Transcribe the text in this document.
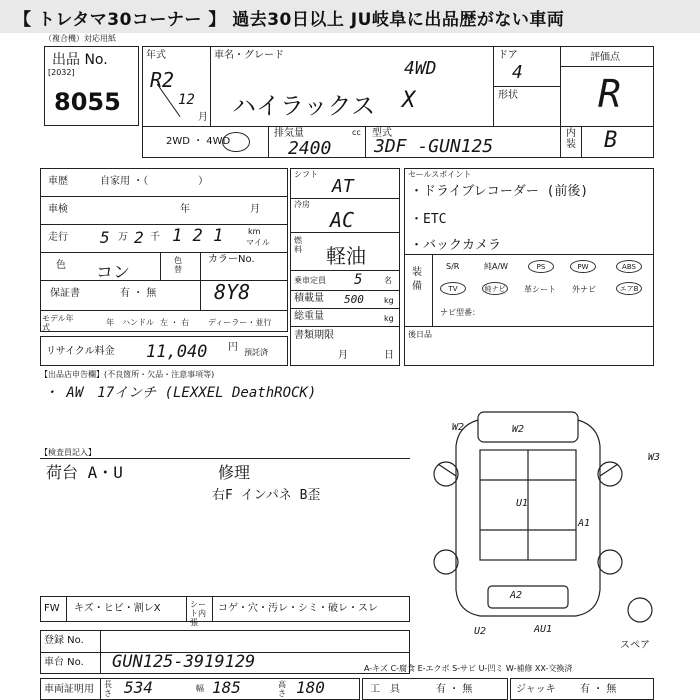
【 トレタマ30コーナー 】 過去30日以上 JU岐阜に出品歴がない車両
（複合機）対応用紙
出品 No.
[2032]
8055
年式
R2
12
月
車名・グレード
4WD
ハイラックス X
ドア
4
形状
評価点
R
内装 B
2WD ・ 4WD
排気量	cc
2400
型式
3DF -GUN125
車歴	自家用 ・（　　　　　）
車検	年	月
走行 5 万 2 千 1 2 1	km
マイル
色 コン
色替
カラーNo.
8Y8
保証書	有 ・ 無
モデル年式
年 ハンドル 左 ・ 右 ディーラー・並行
リサイクル料金 11,040 円 預託済
シフト
AT
冷房
AC
燃料 軽油
乗車定員 5	名
積載量 500	kg
総重量	kg
書類期限
月	日
セールスポイント
・ドライブレコーダー (前後)
・ETC
・バックカメラ
装備
S/R	純A/W	PS	PW	ABS
TV	純ナビ	革シート 外ナビ	エアB
ナビ型番：
後日品
【出品店申告欄】(不良箇所・欠品・注意事項等)
・ AW　17インチ (LEXXEL DeathROCK)
【検査員記入】
荷台 A・U	修理
右F インパネ B歪
W2	W2
W3
U1
A1
A2
U2	AU1
スペア
FW キズ・ヒビ・割レX	シート内張
コゲ・穴・汚レ・シミ・破レ・スレ
登録 No.
車台 No. GUN125-3919129
車両証明用 長さ 534	幅 185	高さ 180
A-キズ C-腐食 E-エクボ S-サビ U-凹ミ W-補修 XX-交換済
工　具	有 ・ 無	ジャッキ 有 ・ 無
